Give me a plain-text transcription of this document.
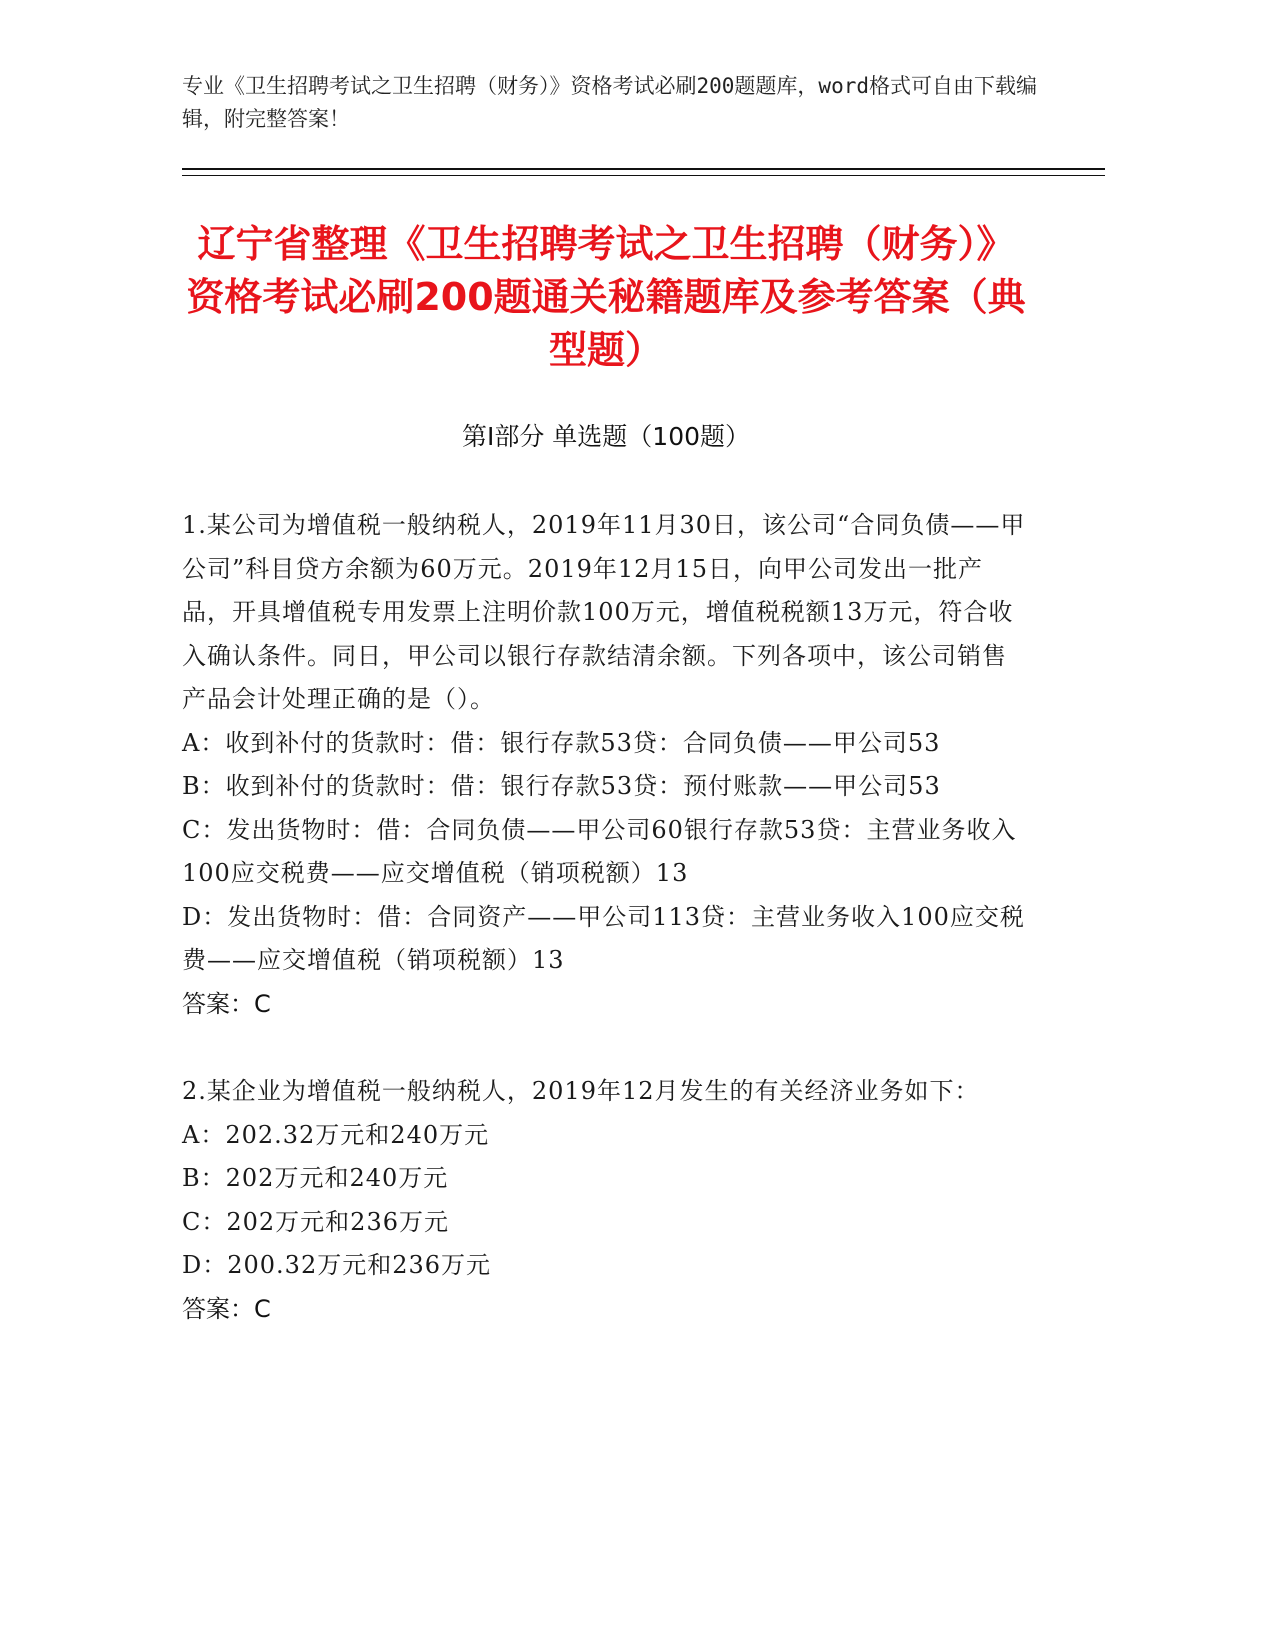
专业《卫生招聘考试之卫生招聘（财务）》资格考试必刷200题题库，word格式可自由下载编辑，附完整答案！
辽宁省整理《卫生招聘考试之卫生招聘（财务）》资格考试必刷200题通关秘籍题库及参考答案（典型题）
第I部分 单选题（100题）
1.某公司为增值税一般纳税人，2019年11月30日，该公司“合同负债——甲公司”科目贷方余额为60万元。2019年12月15日，向甲公司发出一批产品，开具增值税专用发票上注明价款100万元，增值税税额13万元，符合收入确认条件。同日，甲公司以银行存款结清余额。下列各项中，该公司销售产品会计处理正确的是（）。
A：收到补付的货款时：借：银行存款53贷：合同负债——甲公司53
B：收到补付的货款时：借：银行存款53贷：预付账款——甲公司53
C：发出货物时：借：合同负债——甲公司60银行存款53贷：主营业务收入100应交税费——应交增值税（销项税额）13
D：发出货物时：借：合同资产——甲公司113贷：主营业务收入100应交税费——应交增值税（销项税额）13
答案：C
2.某企业为增值税一般纳税人，2019年12月发生的有关经济业务如下：
A：202.32万元和240万元
B：202万元和240万元
C：202万元和236万元
D：200.32万元和236万元
答案：C
